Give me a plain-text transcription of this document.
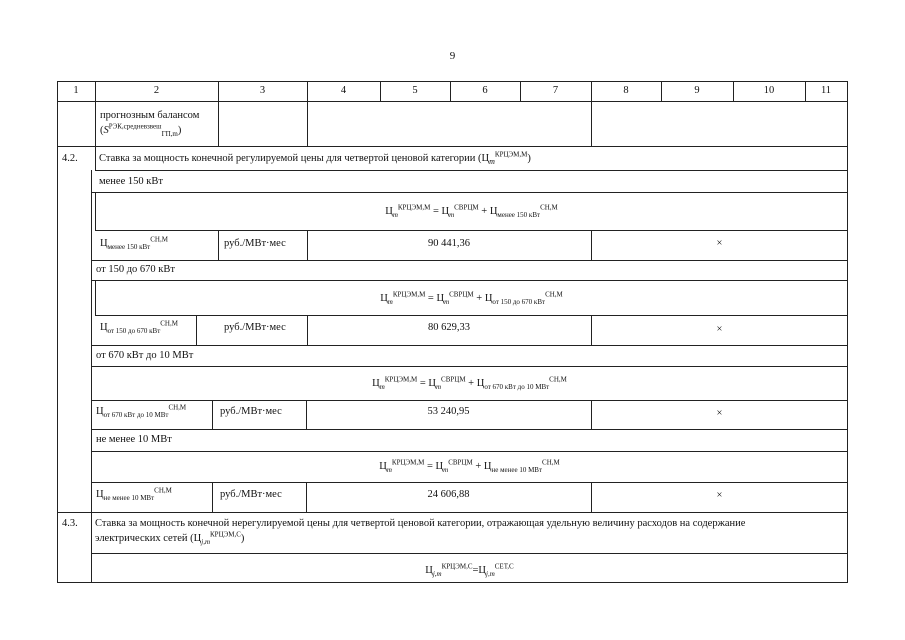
9
1	2	3	4	5	6	7	8	9	10	11
прогнозным балансом
$(S^{РЭК,средневзвеш}_{ГП,m})$
4.2. Ставка за мощность конечной регулируемой цены для четвертой ценовой категории $(Ц_m^{КРЦЭМ,М})$
менее 150 кВт
$Ц_m^{КРЦЭМ,М} = Ц_m^{СВРЦМ} + Ц_{менее 150 кВт}^{СН,М}$
$Ц_{менее 150 кВт}^{СН,М}$	руб./МВт·мес	90 441,36	×
от 150 до 670 кВт
$Ц_m^{КРЦЭМ,М} = Ц_m^{СВРЦМ} + Ц_{от 150 до 670 кВт}^{СН,М}$
$Ц_{от 150 до 670 кВт}^{СН,М}$	руб./МВт·мес	80 629,33	×
от 670 кВт до 10 МВт
$Ц_m^{КРЦЭМ,М} = Ц_m^{СВРЦМ} + Ц_{от 670 кВт до 10 МВт}^{СН,М}$
$Ц_{от 670 кВт до 10 МВт}^{СН,М}$	руб./МВт·мес	53 240,95	×
не менее 10 МВт
$Ц_m^{КРЦЭМ,М} = Ц_m^{СВРЦМ} + Ц_{не менее 10 МВт}^{СН,М}$
$Ц_{не менее 10 МВт}^{СН,М}$	руб./МВт·мес	24 606,88	×
4.3. Ставка за мощность конечной нерегулируемой цены для четвертой ценовой категории, отражающая удельную величину расходов на содержание
электрических сетей $(Ц_{j,m}^{КРЦЭМ,С})$
$Ц_{j,m}^{КРЦЭМ,С}=Ц_{j,m}^{СЕТ,С}$
